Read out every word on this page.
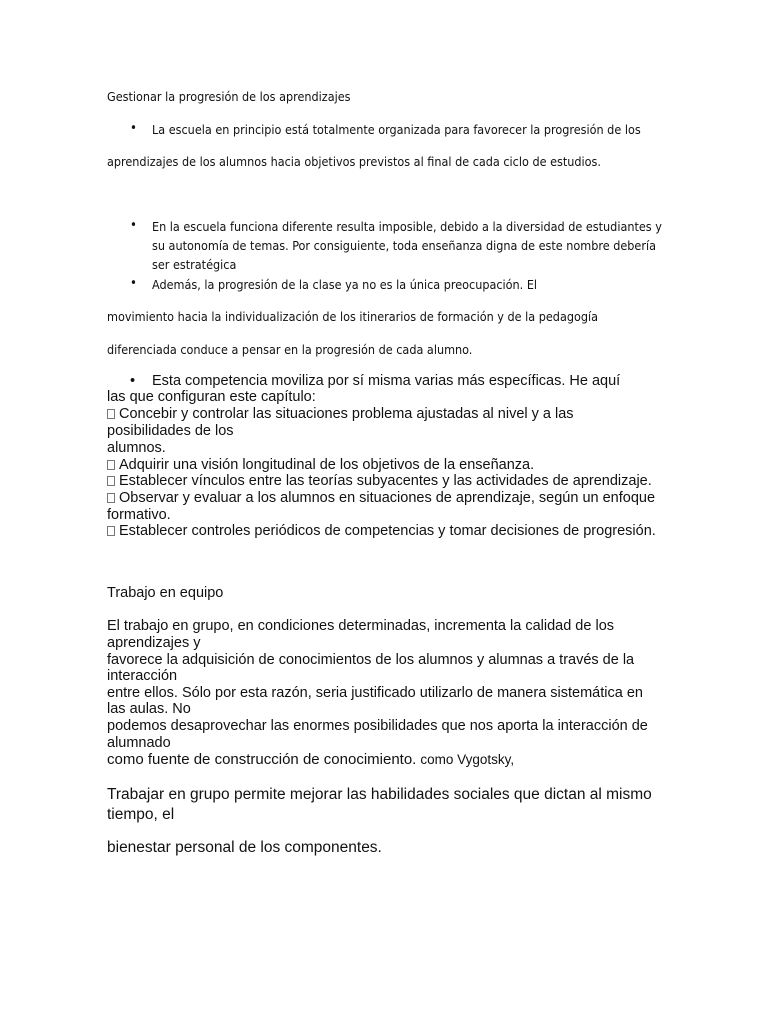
Gestionar la progresión de los aprendizajes
• La escuela en principio está totalmente organizada para favorecer la progresión de los
aprendizajes de los alumnos hacia objetivos previstos al final de cada ciclo de estudios.
• En la escuela funciona diferente resulta imposible, debido a la diversidad de estudiantes y
su autonomía de temas. Por consiguiente, toda enseñanza digna de este nombre debería
ser estratégica
• Además, la progresión de la clase ya no es la única preocupación. El
movimiento hacia la individualización de los itinerarios de formación y de la pedagogía
diferenciada conduce a pensar en la progresión de cada alumno.
• Esta competencia moviliza por sí misma varias más específicas. He aquí
las que configuran este capítulo:
Concebir y controlar las situaciones problema ajustadas al nivel y a las
posibilidades de los
alumnos.
Adquirir una visión longitudinal de los objetivos de la enseñanza.
Establecer vínculos entre las teorías subyacentes y las actividades de aprendizaje.
Observar y evaluar a los alumnos en situaciones de aprendizaje, según un enfoque
formativo.
Establecer controles periódicos de competencias y tomar decisiones de progresión.
Trabajo en equipo
El trabajo en grupo, en condiciones determinadas, incrementa la calidad de los
aprendizajes y
favorece la adquisición de conocimientos de los alumnos y alumnas a través de la
interacción
entre ellos. Sólo por esta razón, seria justificado utilizarlo de manera sistemática en
las aulas. No
podemos desaprovechar las enormes posibilidades que nos aporta la interacción de
alumnado
como fuente de construcción de conocimiento. como Vygotsky,
Trabajar en grupo permite mejorar las habilidades sociales que dictan al mismo
tiempo, el
bienestar personal de los componentes.
